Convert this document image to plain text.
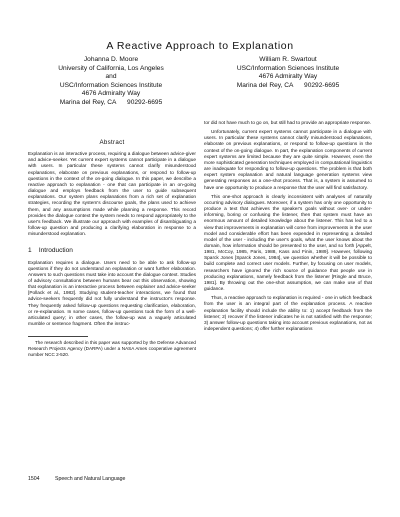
A Reactive Approach to Explanation
Johanna D. Moore
University of California, Los Angeles
and
USC/Information Sciences Institute
4676 Admiralty Way
Marina del Rey, CA      90292-6695
William R. Swartout
USC/Information Sciences Institute
4676 Admiralty Way
Marina del Rey, CA      90292-6695
Abstract

Explanation is an interactive process, requiring a dialogue between advice-giver and advice-seeker. Yet current expert systems cannot participate in a dialogue with users. In particular these systems cannot clarify misunderstood explanations, elaborate on previous explanations, or respond to follow-up questions in the context of the on-going dialogue. In this paper, we describe a reactive approach to explanation - one that can participate in an on-going dialogue and employs feedback from the user to guide subsequent explanations. Our system plans explanations from a rich set of explanation strategies, recording the system's discourse goals, the plans used to achieve them, and any assumptions made while planning a response. This record provides the dialogue context the system needs to respond appropriately to the user's feedback. We illustrate our approach with examples of disambiguating a follow-up question and producing a clarifying elaboration in response to a misunderstood explanation.

1    Introduction

Explanation requires a dialogue. Users need to be able to ask follow-up questions if they do not understand an explanation or want further elaboration. Answers to such questions must take into account the dialogue context. Studies of advisory consultations between humans bear out this observation, showing that explanation is an interactive process between explainer and advice-seeker [Pollack et al., 1982]. Studying student-teacher interactions, we found that advice-seekers frequently did not fully understand the instructor's response. They frequently asked follow-up questions requesting clarification, elaboration, or re-explanation. In some cases, follow-up questions took the form of a well-articulated query; in other cases, the follow-up was a vaguely articulated mumble or sentence fragment. Often the instruc-

The research described in this paper was supported by the Defense Advanced Research Projects Agency (DARPA) under a NASA Ames cooperative agreement number NCC 2-520.

tor did not have much to go on, but still had to provide an appropriate response.

Unfortunately, current expert systems cannot participate in a dialogue with users. In particular these systems cannot clarify misunderstood explanations, elaborate on previous explanations, or respond to follow-up questions in the context of the on-going dialogue. In part, the explanation components of current expert systems are limited because they are quite simple. However, even the more sophisticated generation techniques employed in computational linguistics are inadequate for responding to follow-up questions. The problem is that both expert system explanation and natural language generation systems view generating responses as a one-shot process. That is, a system is assumed to have one opportunity to produce a response that the user will find satisfactory.

This one-shot approach is clearly inconsistent with analyses of naturally occurring advisory dialogues. Moreover, if a system has only one opportunity to produce a text that achieves the speaker's goals without over- or under-informing, boring or confusing the listener, then that system must have an enormous amount of detailed knowledge about the listener. This has led to a view that improvements in explanation will come from improvements in the user model and considerable effort has been expended in representing a detailed model of the user - including the user's goals, what the user knows about the domain, how information should be presented to the user, and so forth [Appelt, 1981, McCoy, 1985, Paris, 1988, Kass and Finin, 1989]. However, following Sparck Jones [Sparck Jones, 1984], we question whether it will be possible to build complete and correct user models. Further, by focusing on user models, researchers have ignored the rich source of guidance that people use in producing explanations, namely feedback from the listener [Ringle and Bruce, 1981]. By throwing out the one-shot assumption, we can make use of that guidance.

Thus, a reactive approach to explanation is required - one in which feedback from the user is an integral part of the explanation process. A reactive explanation facility should include the ability to: 1) accept feedback from the listener; 2) recover if the listener indicates he is not satisfied with the response; 3) answer follow-up questions taking into account previous explanations, not as independent questions; 4) offer further explanations

1504	Speech and Natural Language
